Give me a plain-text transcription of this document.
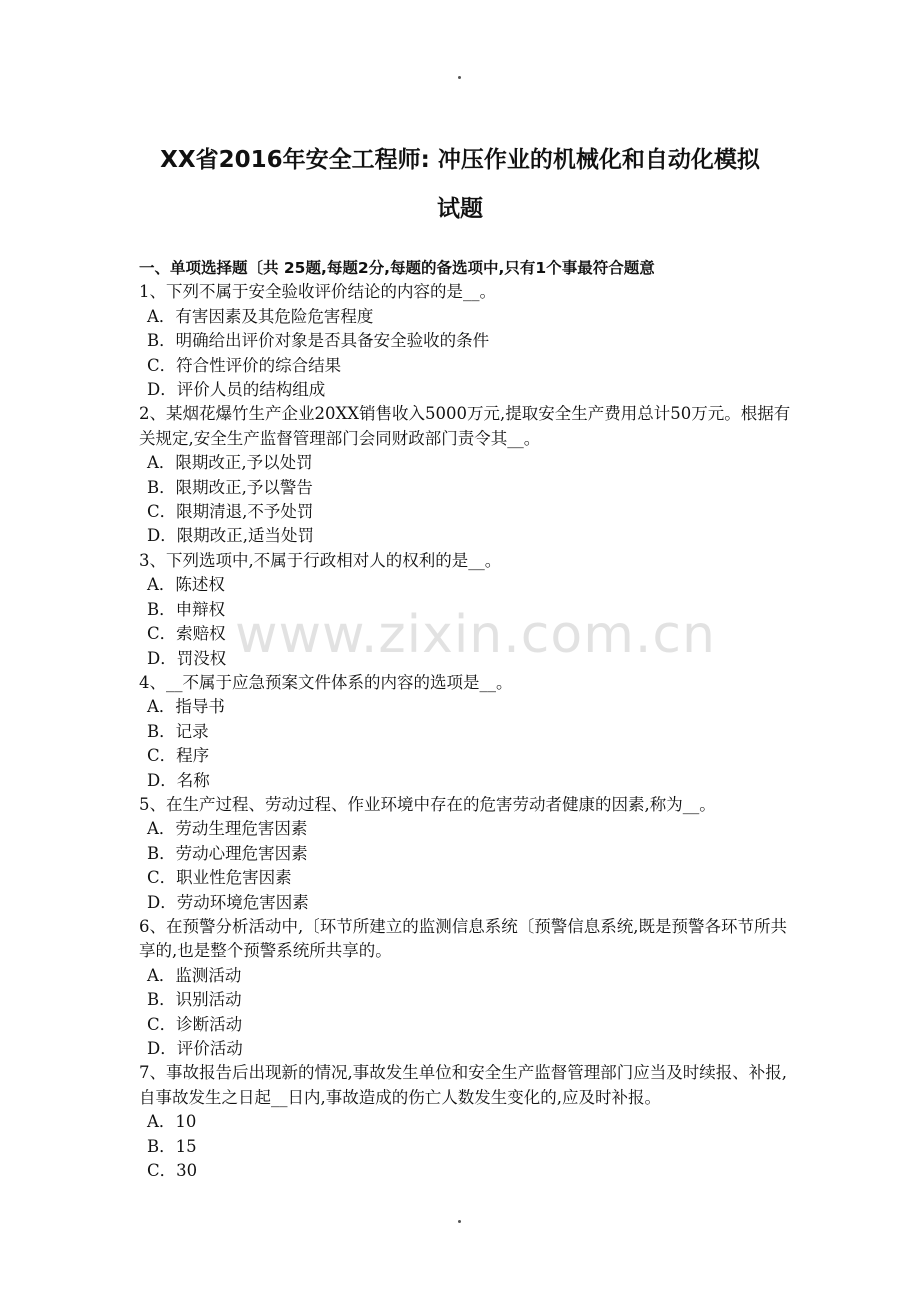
XX省2016年安全工程师: 冲压作业的机械化和自动化模拟
试题
一、单项选择题〔共 25题,每题2分,每题的备选项中,只有1个事最符合题意
1、下列不属于安全验收评价结论的内容的是__。
A．有害因素及其危险危害程度
B．明确给出评价对象是否具备安全验收的条件
C．符合性评价的综合结果
D．评价人员的结构组成
2、某烟花爆竹生产企业20XX销售收入5000万元,提取安全生产费用总计50万元。根据有关规定,安全生产监督管理部门会同财政部门责令其__。
A．限期改正,予以处罚
B．限期改正,予以警告
C．限期清退,不予处罚
D．限期改正,适当处罚
3、下列选项中,不属于行政相对人的权利的是__。
A．陈述权
B．申辩权
C．索赔权
D．罚没权
4、__不属于应急预案文件体系的内容的选项是__。
A．指导书
B．记录
C．程序
D．名称
5、在生产过程、劳动过程、作业环境中存在的危害劳动者健康的因素,称为__。
A．劳动生理危害因素
B．劳动心理危害因素
C．职业性危害因素
D．劳动环境危害因素
6、在预警分析活动中,〔环节所建立的监测信息系统〔预警信息系统,既是预警各环节所共享的,也是整个预警系统所共享的。
A．监测活动
B．识别活动
C．诊断活动
D．评价活动
7、事故报告后出现新的情况,事故发生单位和安全生产监督管理部门应当及时续报、补报,自事故发生之日起__日内,事故造成的伤亡人数发生变化的,应及时补报。
A．10
B．15
C．30
www.zixin.com.cn
